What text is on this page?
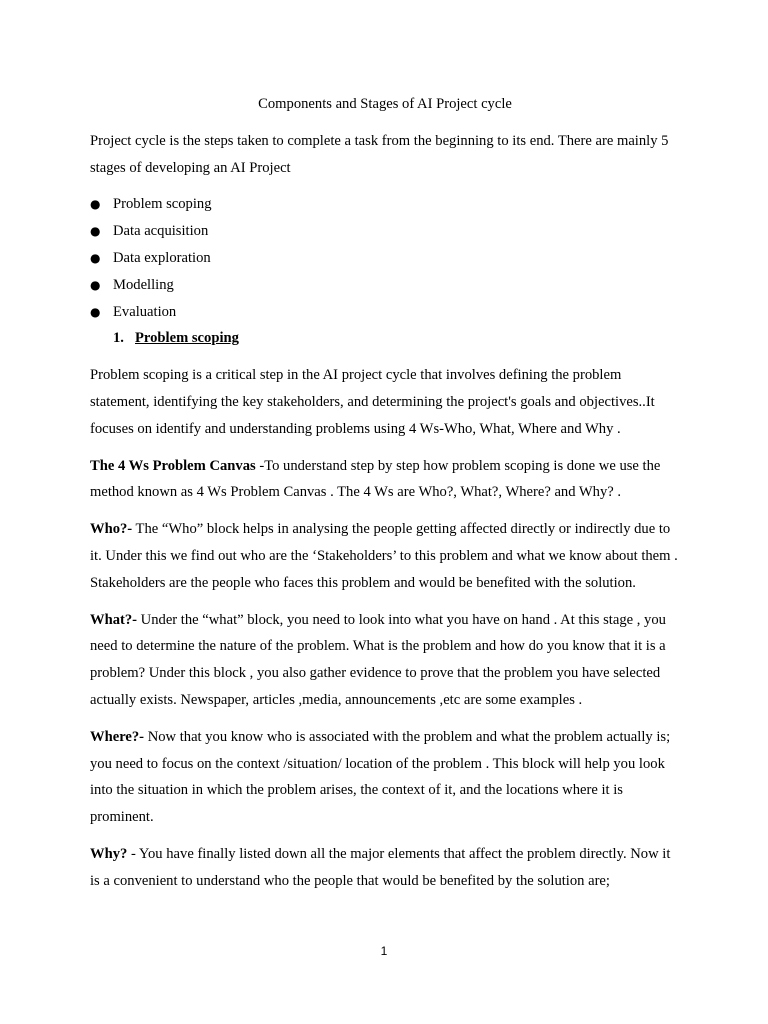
Components and Stages of AI Project cycle

Project cycle is the steps taken to complete a task from the beginning to its end. There are mainly 5 stages of developing an AI Project

● Problem scoping
● Data acquisition
● Data exploration
● Modelling
● Evaluation
1. Problem scoping

Problem scoping is a critical step in the AI project cycle that involves defining the problem statement, identifying the key stakeholders, and determining the project's goals and objectives..It focuses on identify and understanding problems using 4 Ws-Who, What, Where and Why .

The 4 Ws Problem Canvas -To understand step by step how problem scoping is done we use the method known as 4 Ws Problem Canvas . The 4 Ws are Who?, What?, Where? and Why? .

Who?- The “Who” block helps in analysing the people getting affected directly or indirectly due to it. Under this we find out who are the ‘Stakeholders’ to this problem and what we know about them . Stakeholders are the people who faces this problem and would be benefited with the solution.

What?- Under the “what” block, you need to look into what you have on hand . At this stage , you need to determine the nature of the problem. What is the problem and how do you know that it is a problem? Under this block , you also gather evidence to prove that the problem you have selected actually exists. Newspaper, articles ,media, announcements ,etc are some examples .

Where?- Now that you know who is associated with the problem and what the problem actually is; you need to focus on the context /situation/ location of the problem . This block will help you look into the situation in which the problem arises, the context of it, and the locations where it is prominent.

Why? - You have finally listed down all the major elements that affect the problem directly. Now it is a convenient to understand who the people that would be benefited by the solution are;

1
